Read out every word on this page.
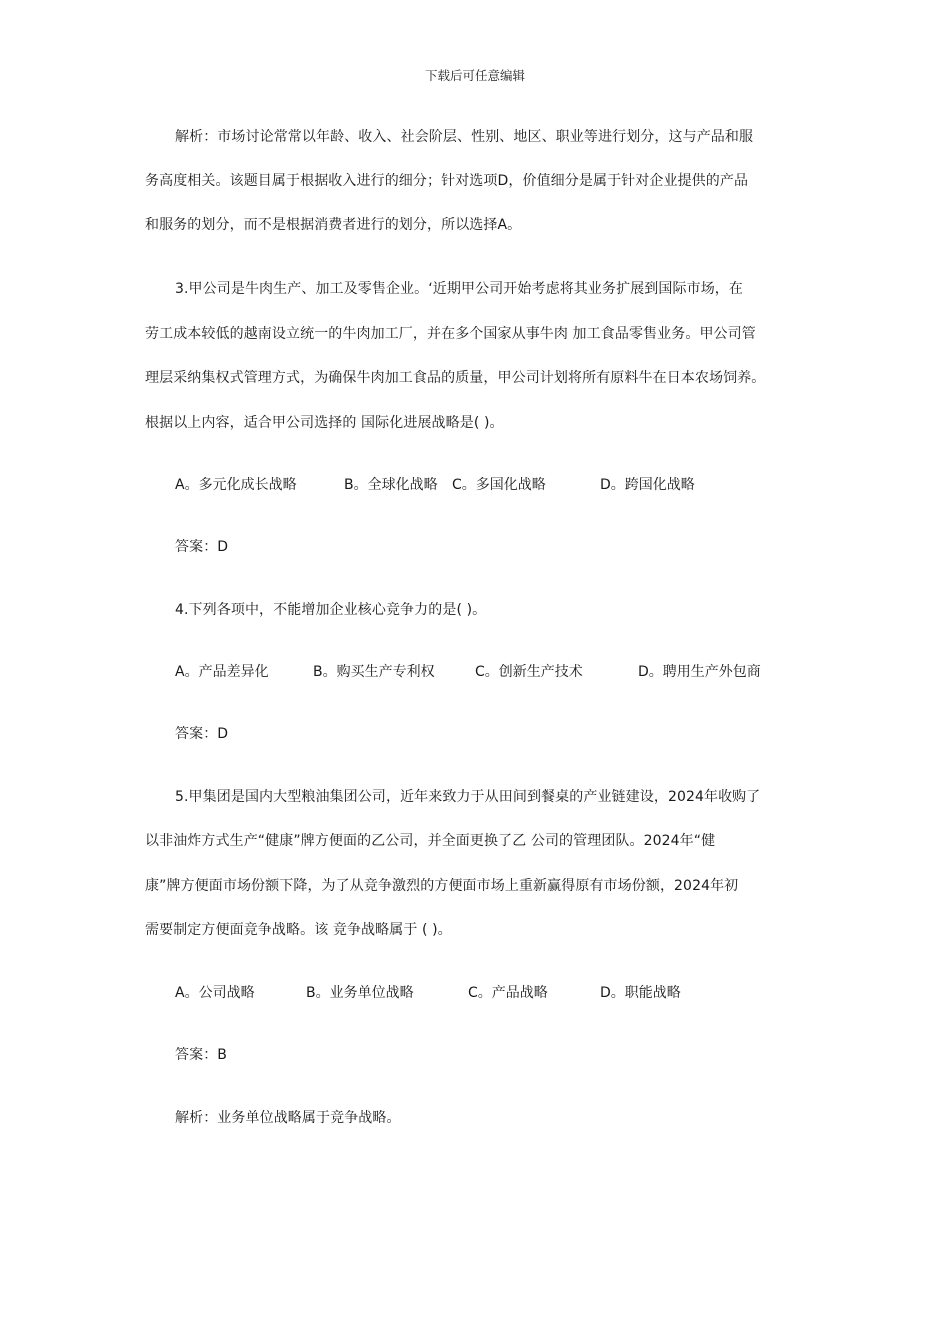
下载后可任意编辑
解析：市场讨论常常以年龄、收入、社会阶层、性别、地区、职业等进行划分，这与产品和服
务高度相关。该题目属于根据收入进行的细分；针对选项D，价值细分是属于针对企业提供的产品
和服务的划分，而不是根据消费者进行的划分，所以选择A。
3.甲公司是牛肉生产、加工及零售企业。‘近期甲公司开始考虑将其业务扩展到国际市场，在
劳工成本较低的越南设立统一的牛肉加工厂，并在多个国家从事牛肉 加工食品零售业务。甲公司管
理层采纳集权式管理方式，为确保牛肉加工食品的质量，甲公司计划将所有原料牛在日本农场饲养。
根据以上内容，适合甲公司选择的 国际化进展战略是( )。
A。多元化成长战略	B。全球化战略 C。多国化战略	D。跨国化战略
答案：D
4.下列各项中，不能增加企业核心竞争力的是( )。
A。产品差异化	B。购买生产专利权	C。创新生产技术	D。聘用生产外包商
答案：D
5.甲集团是国内大型粮油集团公司，近年来致力于从田间到餐桌的产业链建设，2024年收购了
以非油炸方式生产“健康”牌方便面的乙公司，并全面更换了乙 公司的管理团队。2024年“健
康”牌方便面市场份额下降，为了从竞争激烈的方便面市场上重新赢得原有市场份额，2024年初
需要制定方便面竞争战略。该 竞争战略属于 ( )。
A。公司战略	B。业务单位战略	C。产品战略	D。职能战略
答案：B
解析：业务单位战略属于竞争战略。
